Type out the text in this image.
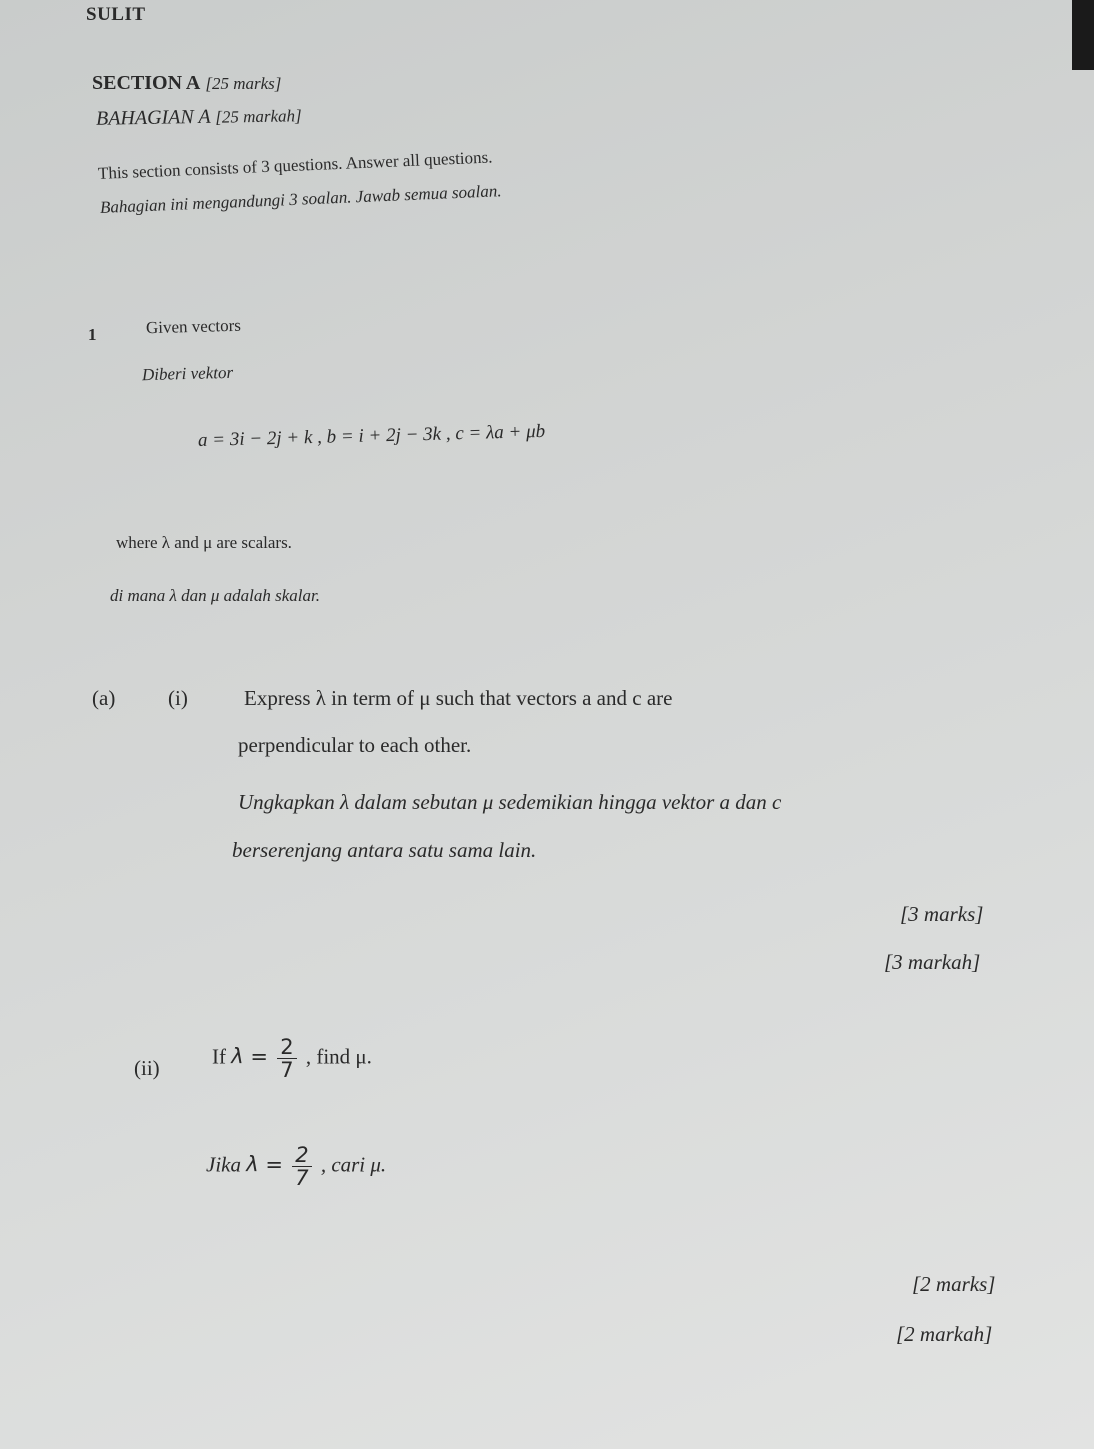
SULIT
SECTION A [25 marks]
BAHAGIAN A [25 markah]
This section consists of 3 questions. Answer all questions.
Bahagian ini mengandungi 3 soalan. Jawab semua soalan.
1	Given vectors
Diberi vektor
a = 3i − 2j + k , b = i + 2j − 3k , c = λa + μb
where λ and μ are scalars.
di mana λ dan μ adalah skalar.
(a)	(i)	Express λ in term of μ such that vectors a and c are
perpendicular to each other.
Ungkapkan λ dalam sebutan μ sedemikian hingga vektor a dan c
berserenjang antara satu sama lain.
[3 marks]
[3 markah]
(ii) If $\lambda = \frac{2}{7}$ , find μ.
Jika $\lambda = \frac{2}{7}$ , cari μ.
[2 marks]
[2 markah]
